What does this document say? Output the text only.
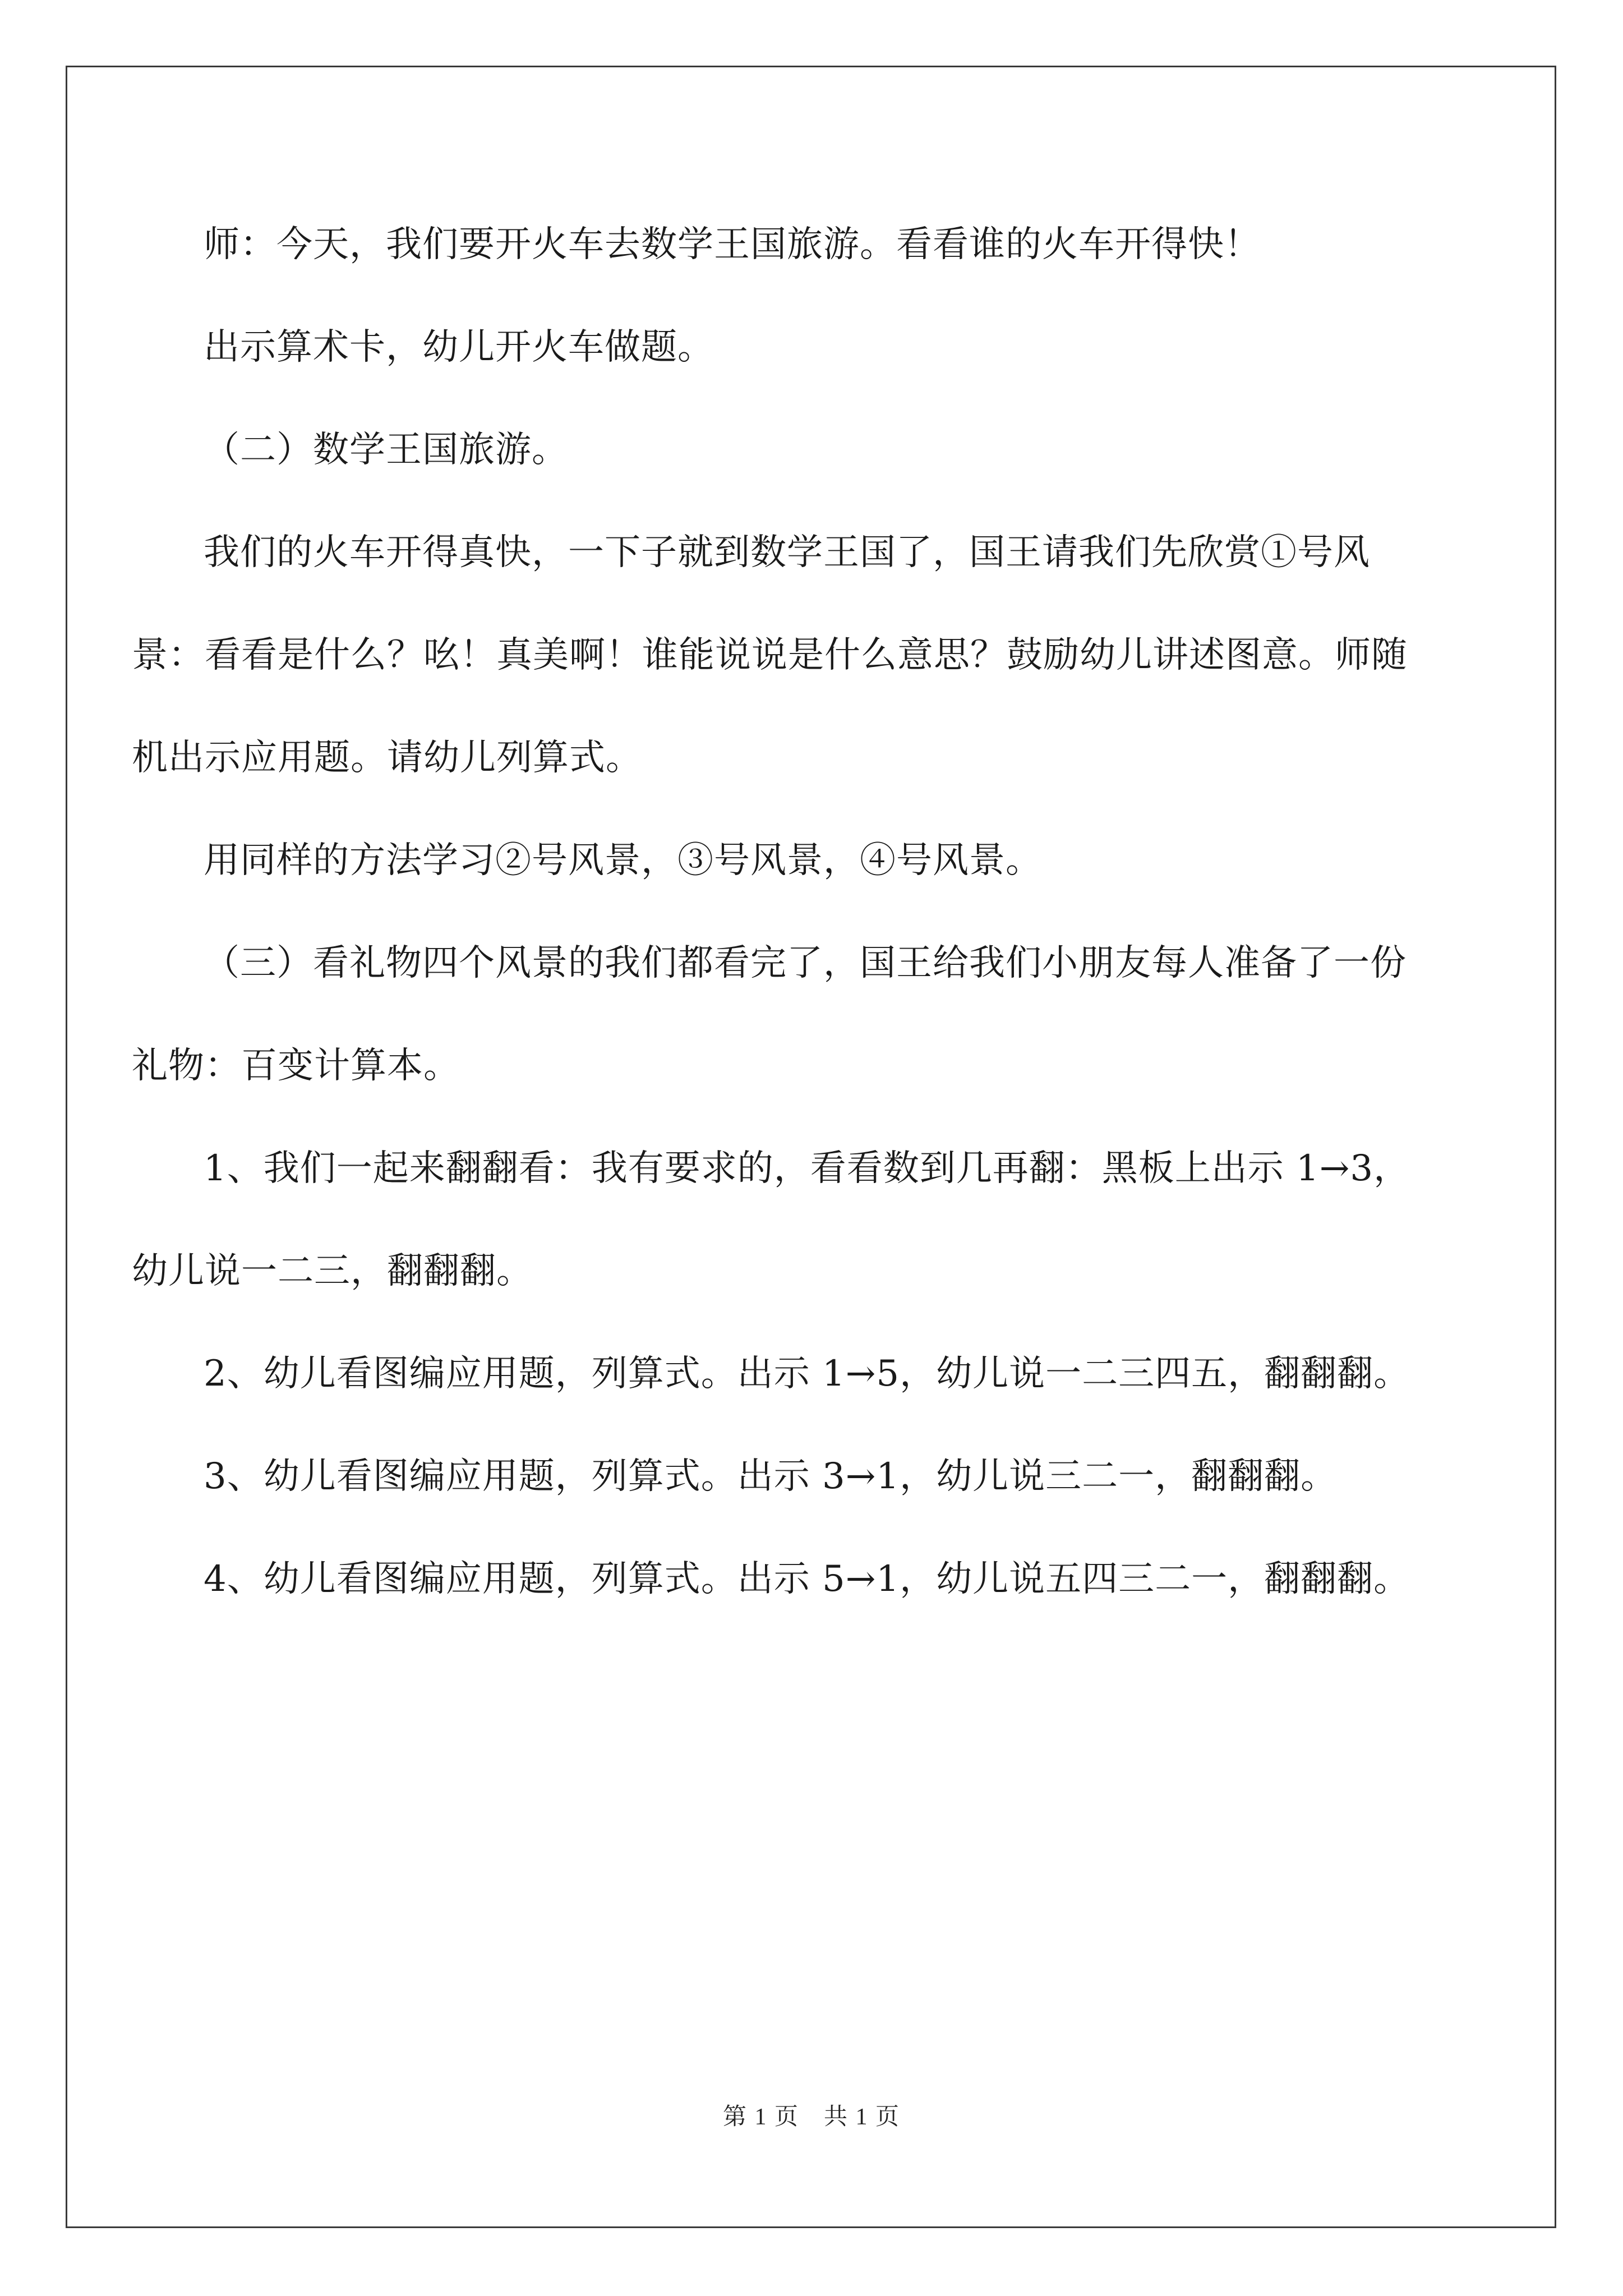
师：今天，我们要开火车去数学王国旅游。看看谁的火车开得快！

出示算术卡，幼儿开火车做题。

（二）数学王国旅游。

我们的火车开得真快，一下子就到数学王国了，国王请我们先欣赏①号风景：看看是什么？吆！真美啊！谁能说说是什么意思？鼓励幼儿讲述图意。师随机出示应用题。请幼儿列算式。

用同样的方法学习②号风景，③号风景，④号风景。

（三）看礼物四个风景的我们都看完了，国王给我们小朋友每人准备了一份礼物：百变计算本。

1、我们一起来翻翻看：我有要求的，看看数到几再翻：黑板上出示 1→3，幼儿说一二三，翻翻翻。

2、幼儿看图编应用题，列算式。出示 1→5，幼儿说一二三四五，翻翻翻。

3、幼儿看图编应用题，列算式。出示 3→1，幼儿说三二一，翻翻翻。

4、幼儿看图编应用题，列算式。出示 5→1，幼儿说五四三二一，翻翻翻。

第 1 页　共 1 页
